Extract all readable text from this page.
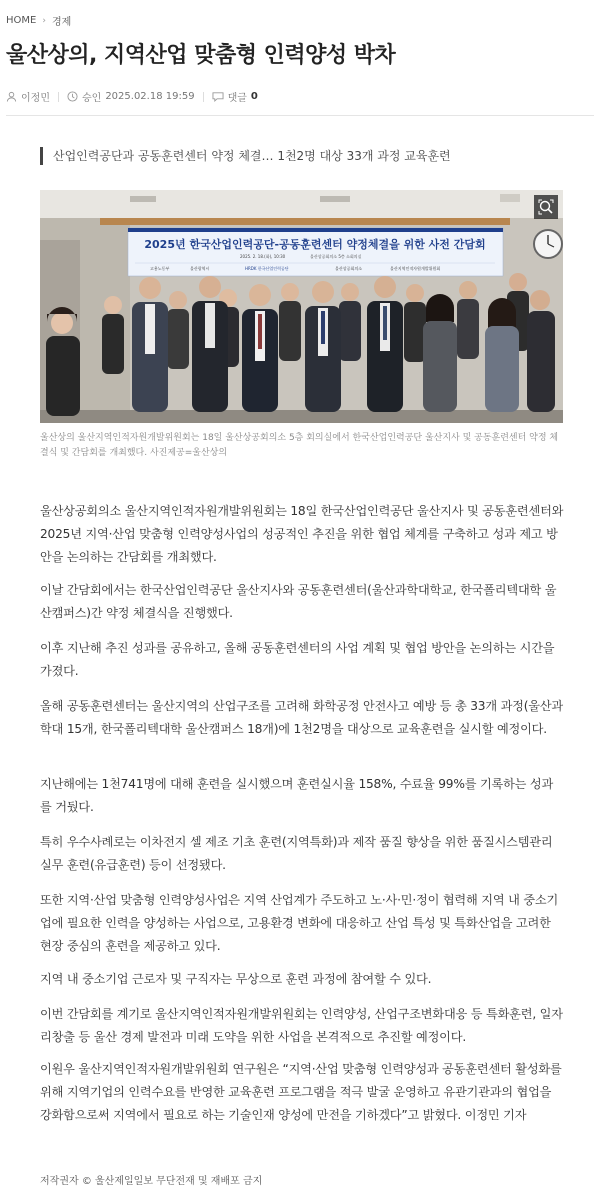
HOME › 경제
울산상의, 지역산업 맞춤형 인력양성 박차
이정민	승인 2025.02.18 19:59	댓글 0
산업인력공단과 공동훈련센터 약정 체결… 1천2명 대상 33개 과정 교육훈련
2025년 한국산업인력공단-공동훈련센터 약정체결을 위한 사전 간담회
2025. 2. 18.(화), 10:30	울산상공회의소 5층 소회의실
고용노동부	울산광역시	HRDK 한국산업인력공단	울산상공회의소	울산지역인적자원개발위원회
울산상의 울산지역인적자원개발위원회는 18일 울산상공회의소 5층 회의실에서 한국산업인력공단 울산지사 및 공동훈련센터 약정 체결식 및 간담회를 개최했다. 사진제공=울산상의

울산상공회의소 울산지역인적자원개발위원회는 18일 한국산업인력공단 울산지사 및 공동훈련센터와 2025년 지역·산업 맞춤형 인력양성사업의 성공적인 추진을 위한 협업 체계를 구축하고 성과 제고 방안을 논의하는 간담회를 개최했다.

이날 간담회에서는 한국산업인력공단 울산지사와 공동훈련센터(울산과학대학교, 한국폴리텍대학 울산캠퍼스)간 약정 체결식을 진행했다.

이후 지난해 추진 성과를 공유하고, 올해 공동훈련센터의 사업 계획 및 협업 방안을 논의하는 시간을 가졌다.

올해 공동훈련센터는 울산지역의 산업구조를 고려해 화학공정 안전사고 예방 등 총 33개 과정(울산과학대 15개, 한국폴리텍대학 울산캠퍼스 18개)에 1천2명을 대상으로 교육훈련을 실시할 예정이다.

지난해에는 1천741명에 대해 훈련을 실시했으며 훈련실시율 158%, 수료율 99%를 기록하는 성과를 거뒀다.

특히 우수사례로는 이차전지 셀 제조 기초 훈련(지역특화)과 제작 품질 향상을 위한 품질시스템관리 실무 훈련(유급훈련) 등이 선정됐다.

또한 지역·산업 맞춤형 인력양성사업은 지역 산업계가 주도하고 노·사·민·정이 협력해 지역 내 중소기업에 필요한 인력을 양성하는 사업으로, 고용환경 변화에 대응하고 산업 특성 및 특화산업을 고려한 현장 중심의 훈련을 제공하고 있다.

지역 내 중소기업 근로자 및 구직자는 무상으로 훈련 과정에 참여할 수 있다.

이번 간담회를 계기로 울산지역인적자원개발위원회는 인력양성, 산업구조변화대응 등 특화훈련, 일자리창출 등 울산 경제 발전과 미래 도약을 위한 사업을 본격적으로 추진할 예정이다.

이원우 울산지역인적자원개발위원회 연구원은 “지역·산업 맞춤형 인력양성과 공동훈련센터 활성화를 위해 지역기업의 인력수요를 반영한 교육훈련 프로그램을 적극 발굴 운영하고 유관기관과의 협업을 강화함으로써 지역에서 필요로 하는 기술인재 양성에 만전을 기하겠다”고 밝혔다. 이정민 기자

저작권자 © 울산제일일보 무단전재 및 재배포 금지
